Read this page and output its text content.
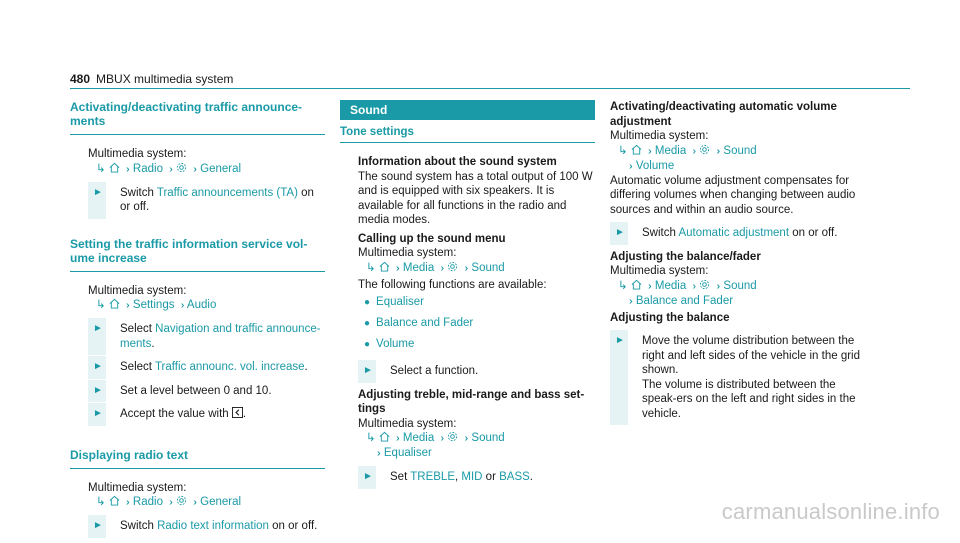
480 MBUX multimedia system
Activating/deactivating traffic announce-ments

Multimedia system:

↳ ›› Radio ›› ›› General
► Switch Traffic announcements (TA) on or off.
Setting the traffic information service vol-ume increase

Multimedia system:

↳ ›› Settings ›› Audio
► Select Navigation and traffic announce-ments.
► Select Traffic announc. vol. increase.
► Set a level between 0 and 10.
► Accept the value with .
Displaying radio text

Multimedia system:

↳ ›› Radio ›› ›› General
► Switch Radio text information on or off.
Sound
Tone settings

Information about the sound system

The sound system has a total output of 100 W and is equipped with six speakers. It is available for all functions in the radio and media modes.

Calling up the sound menu

Multimedia system:

↳ ›› Media ›› ›› Sound

The following functions are available:

● Equaliser
● Balance and Fader
● Volume
► Select a function.

Adjusting treble, mid-range and bass set-tings

Multimedia system:

↳ ›› Media ›› ›› Sound
›› Equaliser
► Set TREBLE, MID or BASS.

Activating/deactivating automatic volume adjustment

Multimedia system:

↳ ›› Media ›› ›› Sound
›› Volume

Automatic volume adjustment compensates for differing volumes when changing between audio sources and within an audio source.

► Switch Automatic adjustment on or off.

Adjusting the balance/fader

Multimedia system:

↳ ›› Media ›› ›› Sound
›› Balance and Fader

Adjusting the balance

► Move the volume distribution between the right and left sides of the vehicle in the grid shown.
The volume is distributed between the speak-ers on the left and right sides in the vehicle.
carmanualsonline.info
